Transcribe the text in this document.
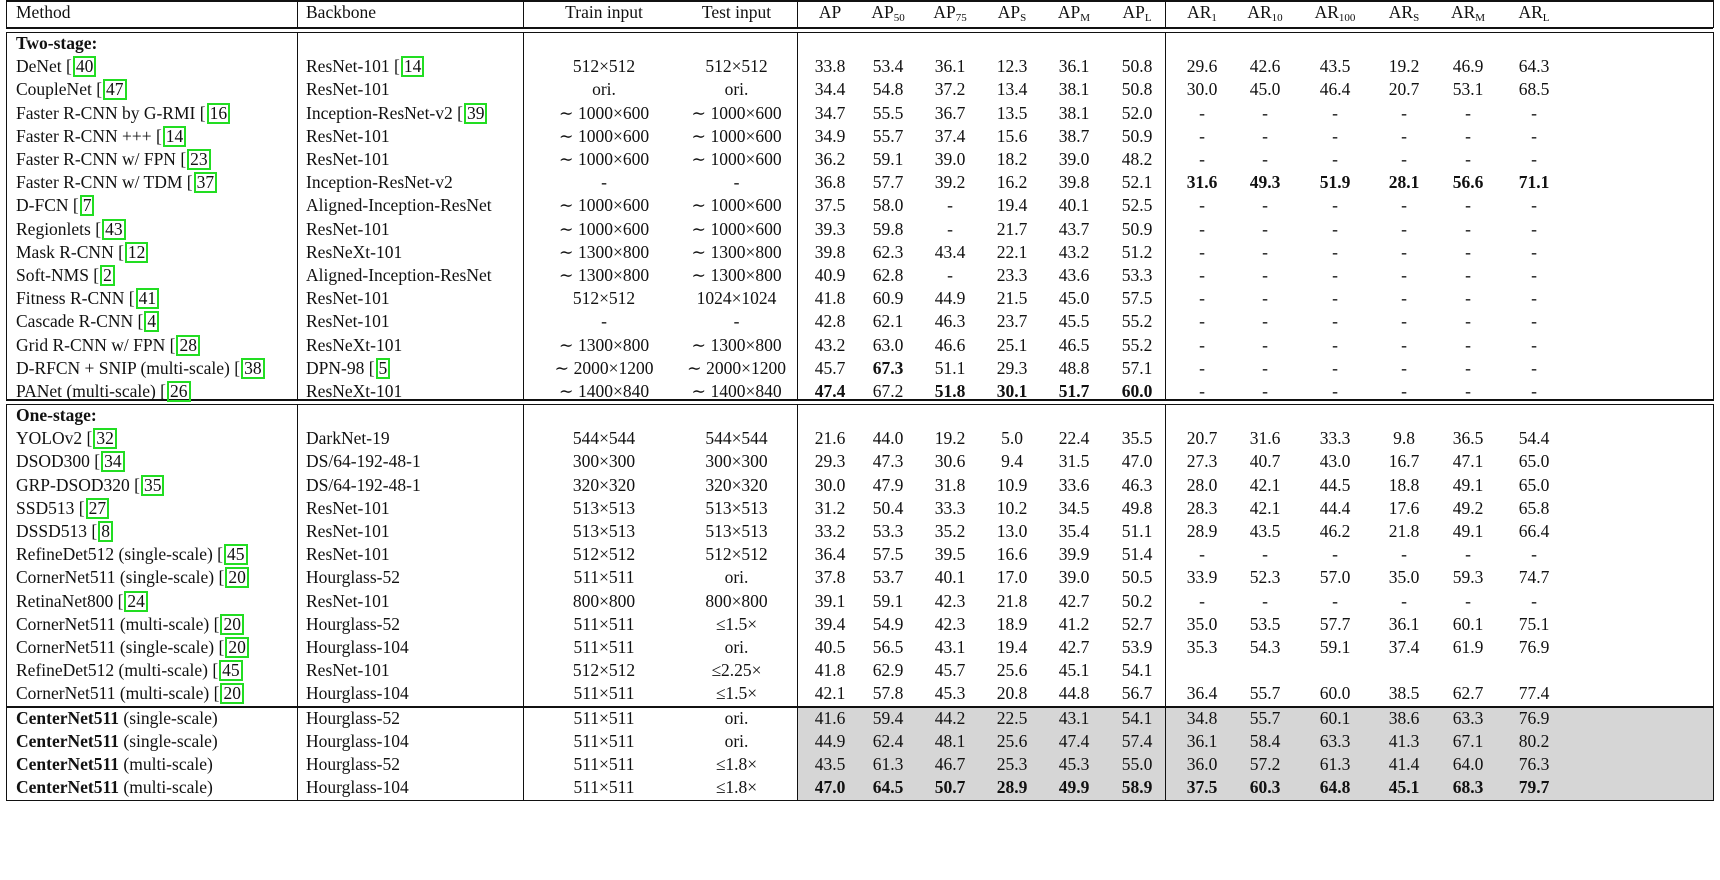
Method	Backbone	Train input	Test input	AP	$AP_{50}$	$AP_{75}$	$AP_S$	$AP_M$	$AP_L$	$AR_1$	$AR_{10}$	$AR_{100}$	$AR_S$	$AR_M$	$AR_L$
Two-stage:
DeNet [ 40	ResNet-101 [ 14	512×512	512×512	33.8	53.4	36.1	12.3	36.1	50.8	29.6	42.6	43.5	19.2	46.9	64.3
CoupleNet [ 47	ResNet-101	ori.	ori.	34.4	54.8	37.2	13.4	38.1	50.8	30.0	45.0	46.4	20.7	53.1	68.5
Faster R-CNN by G-RMI [ 16	Inception-ResNet-v2 [ 39	∼ 1000×600	∼ 1000×600	34.7	55.5	36.7	13.5	38.1	52.0	-	-	-	-	-	-
Faster R-CNN +++ [ 14	ResNet-101	∼ 1000×600	∼ 1000×600	34.9	55.7	37.4	15.6	38.7	50.9	-	-	-	-	-	-
Faster R-CNN w/ FPN [ 23	ResNet-101	∼ 1000×600	∼ 1000×600	36.2	59.1	39.0	18.2	39.0	48.2	-	-	-	-	-	-
Faster R-CNN w/ TDM [ 37	Inception-ResNet-v2	-	-	36.8	57.7	39.2	16.2	39.8	52.1	31.6	49.3	51.9	28.1	56.6	71.1
D-FCN [ 7	Aligned-Inception-ResNet	∼ 1000×600	∼ 1000×600	37.5	58.0	-	19.4	40.1	52.5	-	-	-	-	-	-
Regionlets [ 43	ResNet-101	∼ 1000×600	∼ 1000×600	39.3	59.8	-	21.7	43.7	50.9	-	-	-	-	-	-
Mask R-CNN [ 12	ResNeXt-101	∼ 1300×800	∼ 1300×800	39.8	62.3	43.4	22.1	43.2	51.2	-	-	-	-	-	-
Soft-NMS [ 2	Aligned-Inception-ResNet	∼ 1300×800	∼ 1300×800	40.9	62.8	-	23.3	43.6	53.3	-	-	-	-	-	-
Fitness R-CNN [ 41	ResNet-101	512×512	1024×1024	41.8	60.9	44.9	21.5	45.0	57.5	-	-	-	-	-	-
Cascade R-CNN [ 4	ResNet-101	-	-	42.8	62.1	46.3	23.7	45.5	55.2	-	-	-	-	-	-
Grid R-CNN w/ FPN [ 28	ResNeXt-101	∼ 1300×800	∼ 1300×800	43.2	63.0	46.6	25.1	46.5	55.2	-	-	-	-	-	-
D-RFCN + SNIP (multi-scale) [ 38	DPN-98 [ 5	∼ 2000×1200	∼ 2000×1200	45.7	67.3	51.1	29.3	48.8	57.1	-	-	-	-	-	-
PANet (multi-scale) [ 26	ResNeXt-101	∼ 1400×840	∼ 1400×840	47.4	67.2	51.8	30.1	51.7	60.0	-	-	-	-	-	-
One-stage:
YOLOv2 [ 32	DarkNet-19	544×544	544×544	21.6	44.0	19.2	5.0	22.4	35.5	20.7	31.6	33.3	9.8	36.5	54.4
DSOD300 [ 34	DS/64-192-48-1	300×300	300×300	29.3	47.3	30.6	9.4	31.5	47.0	27.3	40.7	43.0	16.7	47.1	65.0
GRP-DSOD320 [ 35	DS/64-192-48-1	320×320	320×320	30.0	47.9	31.8	10.9	33.6	46.3	28.0	42.1	44.5	18.8	49.1	65.0
SSD513 [ 27	ResNet-101	513×513	513×513	31.2	50.4	33.3	10.2	34.5	49.8	28.3	42.1	44.4	17.6	49.2	65.8
DSSD513 [ 8	ResNet-101	513×513	513×513	33.2	53.3	35.2	13.0	35.4	51.1	28.9	43.5	46.2	21.8	49.1	66.4
RefineDet512 (single-scale) [ 45	ResNet-101	512×512	512×512	36.4	57.5	39.5	16.6	39.9	51.4	-	-	-	-	-	-
CornerNet511 (single-scale) [ 20	Hourglass-52	511×511	ori.	37.8	53.7	40.1	17.0	39.0	50.5	33.9	52.3	57.0	35.0	59.3	74.7
RetinaNet800 [ 24	ResNet-101	800×800	800×800	39.1	59.1	42.3	21.8	42.7	50.2	-	-	-	-	-	-
CornerNet511 (multi-scale) [ 20	Hourglass-52	511×511	≤1.5×	39.4	54.9	42.3	18.9	41.2	52.7	35.0	53.5	57.7	36.1	60.1	75.1
CornerNet511 (single-scale) [ 20	Hourglass-104	511×511	ori.	40.5	56.5	43.1	19.4	42.7	53.9	35.3	54.3	59.1	37.4	61.9	76.9
RefineDet512 (multi-scale) [ 45	ResNet-101	512×512	≤2.25×	41.8	62.9	45.7	25.6	45.1	54.1
CornerNet511 (multi-scale) [ 20	Hourglass-104	511×511	≤1.5×	42.1	57.8	45.3	20.8	44.8	56.7	36.4	55.7	60.0	38.5	62.7	77.4
CenterNet511 (single-scale)	Hourglass-52	511×511	ori.	41.6	59.4	44.2	22.5	43.1	54.1	34.8	55.7	60.1	38.6	63.3	76.9
CenterNet511 (single-scale)	Hourglass-104	511×511	ori.	44.9	62.4	48.1	25.6	47.4	57.4	36.1	58.4	63.3	41.3	67.1	80.2
CenterNet511 (multi-scale)	Hourglass-52	511×511	≤1.8×	43.5	61.3	46.7	25.3	45.3	55.0	36.0	57.2	61.3	41.4	64.0	76.3
CenterNet511 (multi-scale)	Hourglass-104	511×511	≤1.8×	47.0	64.5	50.7	28.9	49.9	58.9	37.5	60.3	64.8	45.1	68.3	79.7
